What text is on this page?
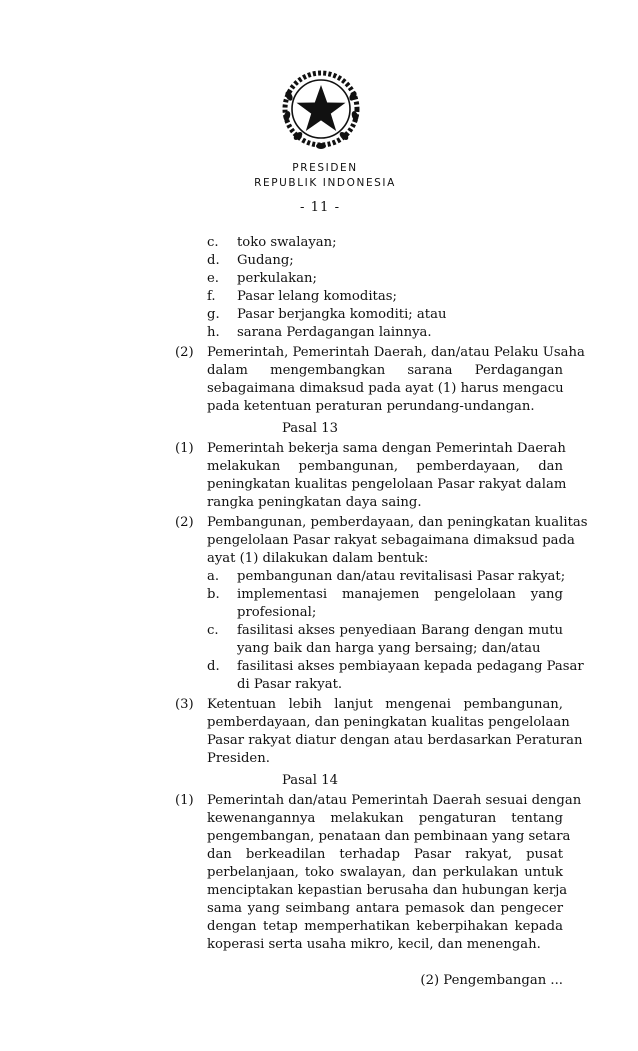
PRESIDEN
REPUBLIK INDONESIA
- 11 -
c. toko swalayan;
d. Gudang;
e. perkulakan;
f. Pasar lelang komoditas;
g. Pasar berjangka komoditi; atau
h. sarana Perdagangan lainnya.
(2) Pemerintah, Pemerintah Daerah, dan/atau Pelaku Usaha
dalam mengembangkan sarana Perdagangan
sebagaimana dimaksud pada ayat (1) harus mengacu
pada ketentuan peraturan perundang-undangan.
Pasal 13
(1) Pemerintah bekerja sama dengan Pemerintah Daerah
melakukan pembangunan, pemberdayaan, dan
peningkatan kualitas pengelolaan Pasar rakyat dalam
rangka peningkatan daya saing.
(2) Pembangunan, pemberdayaan, dan peningkatan kualitas
pengelolaan Pasar rakyat sebagaimana dimaksud pada
ayat (1) dilakukan dalam bentuk:
a. pembangunan dan/atau revitalisasi Pasar rakyat;
b. implementasi manajemen pengelolaan yang
profesional;
c. fasilitasi akses penyediaan Barang dengan mutu
yang baik dan harga yang bersaing; dan/atau
d. fasilitasi akses pembiayaan kepada pedagang Pasar
di Pasar rakyat.
(3) Ketentuan lebih lanjut mengenai pembangunan,
pemberdayaan, dan peningkatan kualitas pengelolaan
Pasar rakyat diatur dengan atau berdasarkan Peraturan
Presiden.
Pasal 14
(1) Pemerintah dan/atau Pemerintah Daerah sesuai dengan
kewenangannya melakukan pengaturan tentang
pengembangan, penataan dan pembinaan yang setara
dan berkeadilan terhadap Pasar rakyat, pusat
perbelanjaan, toko swalayan, dan perkulakan untuk
menciptakan kepastian berusaha dan hubungan kerja
sama yang seimbang antara pemasok dan pengecer
dengan tetap memperhatikan keberpihakan kepada
koperasi serta usaha mikro, kecil, dan menengah.
(2) Pengembangan ...
